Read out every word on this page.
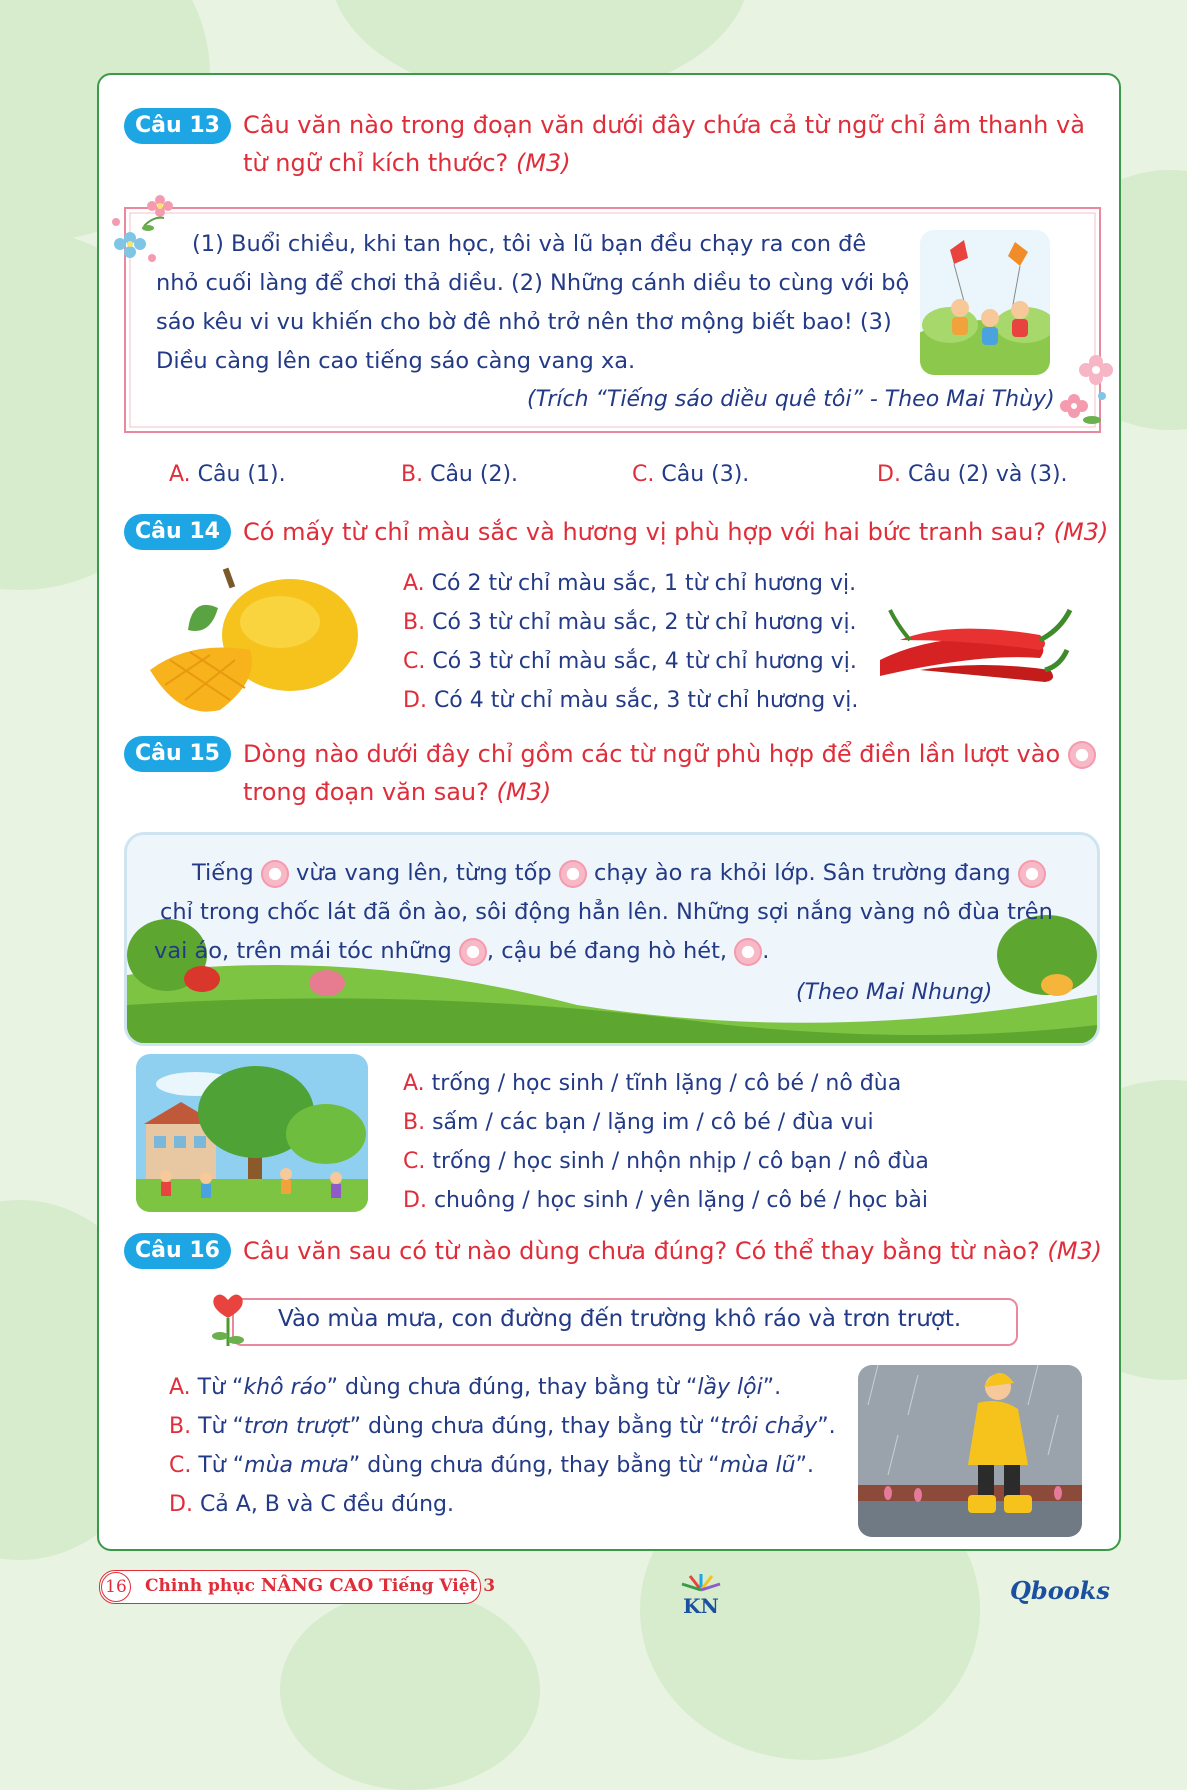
Câu 13 Câu văn nào trong đoạn văn dưới đây chứa cả từ ngữ chỉ âm thanh và từ ngữ chỉ kích thước? (M3)
(1) Buổi chiều, khi tan học, tôi và lũ bạn đều chạy ra con đê nhỏ cuối làng để chơi thả diều. (2) Những cánh diều to cùng với bộ sáo kêu vi vu khiến cho bờ đê nhỏ trở nên thơ mộng biết bao! (3) Diều càng lên cao tiếng sáo càng vang xa.
(Trích “Tiếng sáo diều quê tôi” - Theo Mai Thùy)
A. Câu (1).	B. Câu (2).	C. Câu (3).	D. Câu (2) và (3).
Câu 14 Có mấy từ chỉ màu sắc và hương vị phù hợp với hai bức tranh sau? (M3)
A. Có 2 từ chỉ màu sắc, 1 từ chỉ hương vị.
B. Có 3 từ chỉ màu sắc, 2 từ chỉ hương vị.
C. Có 3 từ chỉ màu sắc, 4 từ chỉ hương vị.
D. Có 4 từ chỉ màu sắc, 3 từ chỉ hương vị.
Câu 15 Dòng nào dưới đây chỉ gồm các từ ngữ phù hợp để điền lần lượt vào
trong đoạn văn sau? (M3)
Tiếng vừa vang lên, từng tốp chạy ào ra khỏi lớp. Sân trường đang
chỉ trong chốc lát đã ồn ào, sôi động hẳn lên. Những sợi nắng vàng nô đùa trên
vai áo, trên mái tóc những , cậu bé đang hò hét, .
(Theo Mai Nhung)
A. trống / học sinh / tĩnh lặng / cô bé / nô đùa
B. sấm / các bạn / lặng im / cô bé / đùa vui
C. trống / học sinh / nhộn nhịp / cô bạn / nô đùa
D. chuông / học sinh / yên lặng / cô bé / học bài
Câu 16 Câu văn sau có từ nào dùng chưa đúng? Có thể thay bằng từ nào? (M3)
Vào mùa mưa, con đường đến trường khô ráo và trơn trượt.
A. Từ “khô ráo” dùng chưa đúng, thay bằng từ “lầy lội”.
B. Từ “trơn trượt” dùng chưa đúng, thay bằng từ “trôi chảy”.
C. Từ “mùa mưa” dùng chưa đúng, thay bằng từ “mùa lũ”.
D. Cả A, B và C đều đúng.
16 Chinh phục NÂNG CAO Tiếng Việt 3
KN
Qbooks
